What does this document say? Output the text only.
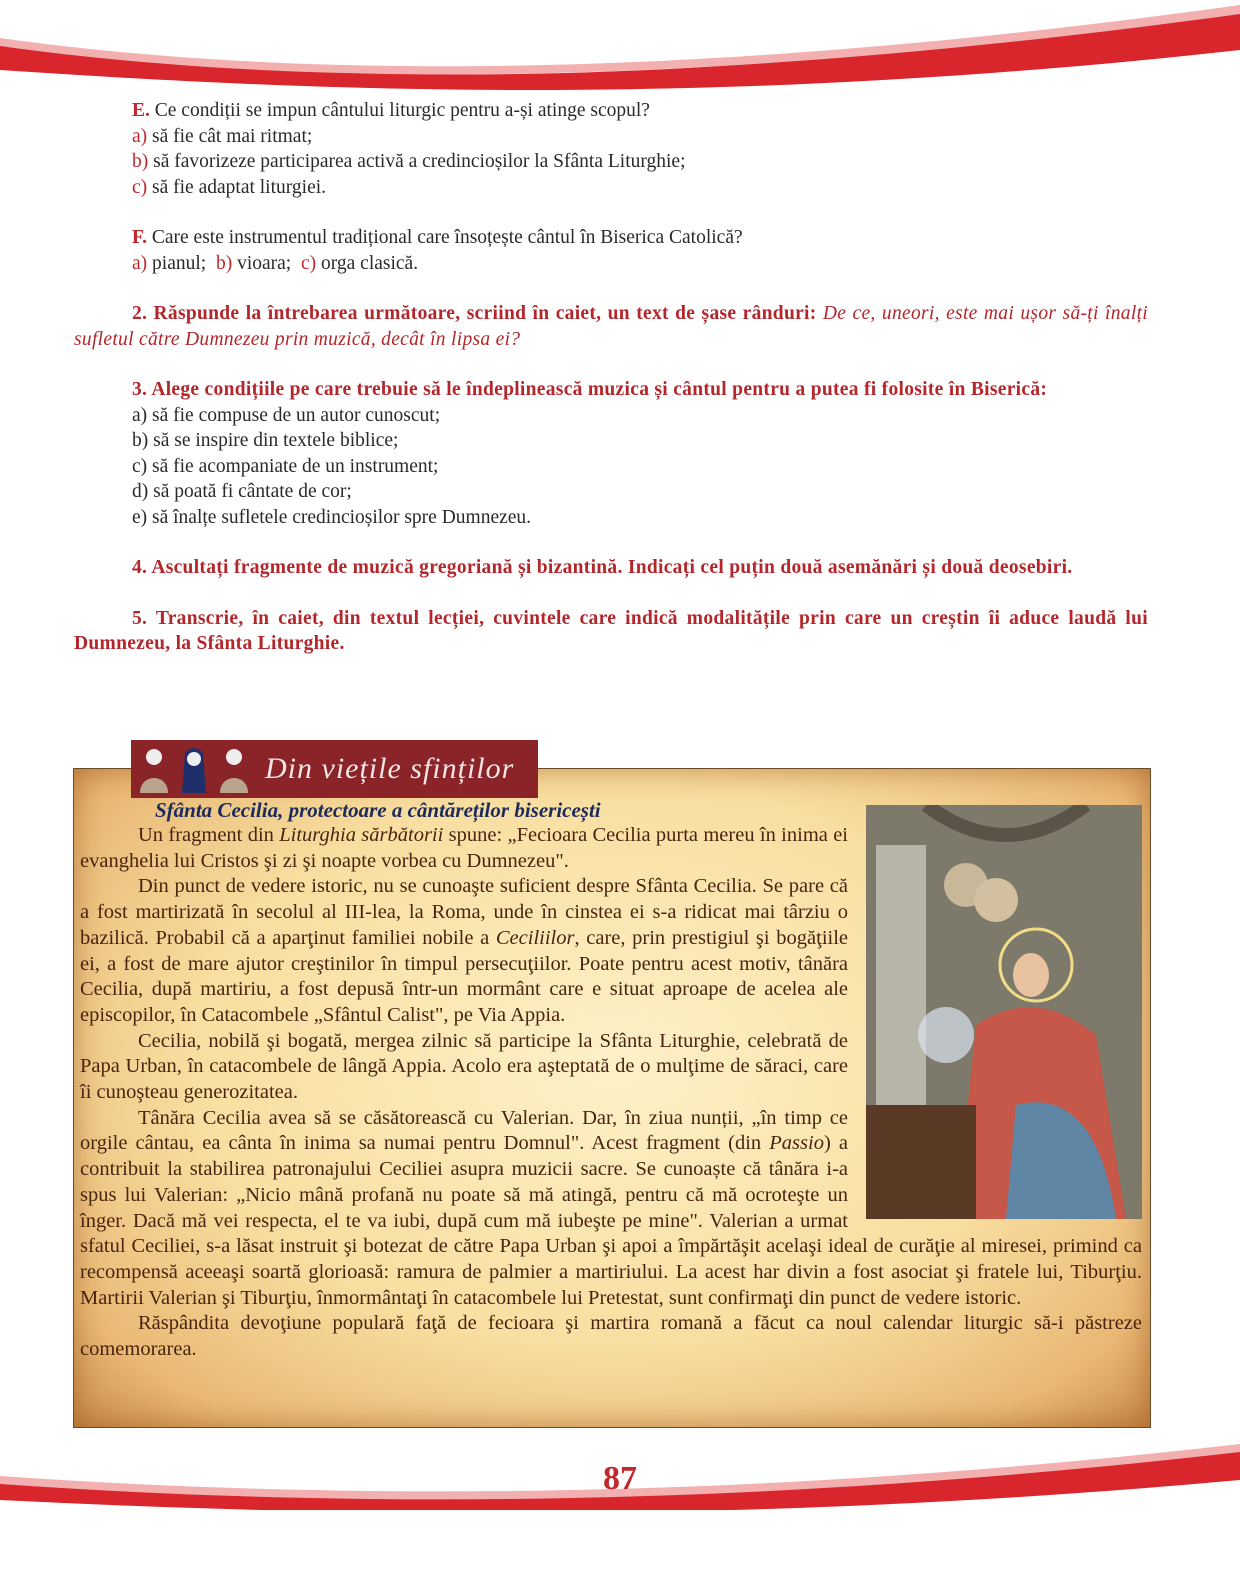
E. Ce condiții se impun cântului liturgic pentru a-și atinge scopul?
a) să fie cât mai ritmat;
b) să favorizeze participarea activă a credincioșilor la Sfânta Liturghie;
c) să fie adaptat liturgiei.
F. Care este instrumentul tradițional care însoțește cântul în Biserica Catolică?
a) pianul;  b) vioara;  c) orga clasică.

2. Răspunde la întrebarea următoare, scriind în caiet, un text de șase rânduri: De ce, uneori, este mai ușor să-ți înalți sufletul către Dumnezeu prin muzică, decât în lipsa ei?

3. Alege condițiile pe care trebuie să le îndeplinească muzica și cântul pentru a putea fi folosite în Biserică:

a) să fie compuse de un autor cunoscut;
b) să se inspire din textele biblice;
c) să fie acompaniate de un instrument;
d) să poată fi cântate de cor;
e) să înalțe sufletele credincioșilor spre Dumnezeu.

4. Ascultați fragmente de muzică gregoriană și bizantină. Indicați cel puțin două asemănări și două deosebiri.

5. Transcrie, în caiet, din textul lecției, cuvintele care indică modalitățile prin care un creștin îi aduce laudă lui Dumnezeu, la Sfânta Liturghie.

Din viețile sfinților
Sfânta Cecilia, protectoare a cântăreților bisericești

Un fragment din Liturghia sărbătorii spune: „Fecioara Cecilia purta mereu în inima ei evanghelia lui Cristos şi zi şi noapte vorbea cu Dumnezeu".

Din punct de vedere istoric, nu se cunoaşte suficient despre Sfânta Cecilia. Se pare că a fost martirizată în secolul al III-lea, la Roma, unde în cinstea ei s-a ridicat mai târziu o bazilică. Probabil că a aparţinut familiei nobile a Ceciliilor, care, prin prestigiul şi bogăţiile ei, a fost de mare ajutor creştinilor în timpul persecuţiilor. Poate pentru acest motiv, tânăra Cecilia, după martiriu, a fost depusă într-un mormânt care e situat aproape de acelea ale episcopilor, în Catacombele „Sfântul Calist", pe Via Appia.

Cecilia, nobilă şi bogată, mergea zilnic să participe la Sfânta Liturghie, celebrată de Papa Urban, în catacombele de lângă Appia. Acolo era aşteptată de o mulţime de săraci, care îi cunoşteau generozitatea.

Tânăra Cecilia avea să se căsătorească cu Valerian. Dar, în ziua nunții, „în timp ce orgile cântau, ea cânta în inima sa numai pentru Domnul". Acest fragment (din Passio) a contribuit la stabilirea patronajului Ceciliei asupra muzicii sacre. Se cunoaște că tânăra i-a spus lui Valerian: „Nicio mână profană nu poate să mă atingă, pentru că mă ocroteşte un înger. Dacă mă vei respecta, el te va iubi, după cum mă iubeşte pe mine". Valerian a urmat sfatul Ceciliei, s-a lăsat instruit şi botezat de către Papa Urban şi apoi a împărtăşit acelaşi ideal de curăţie al miresei, primind ca recompensă aceeaşi soartă glorioasă: ramura de palmier a martiriului. La acest har divin a fost asociat şi fratele lui, Tiburţiu. Martirii Valerian şi Tiburţiu, înmormântaţi în catacombele lui Pretestat, sunt confirmaţi din punct de vedere istoric.

Răspândita devoţiune populară faţă de fecioara şi martira romană a făcut ca noul calendar liturgic să-i păstreze comemorarea.

87
